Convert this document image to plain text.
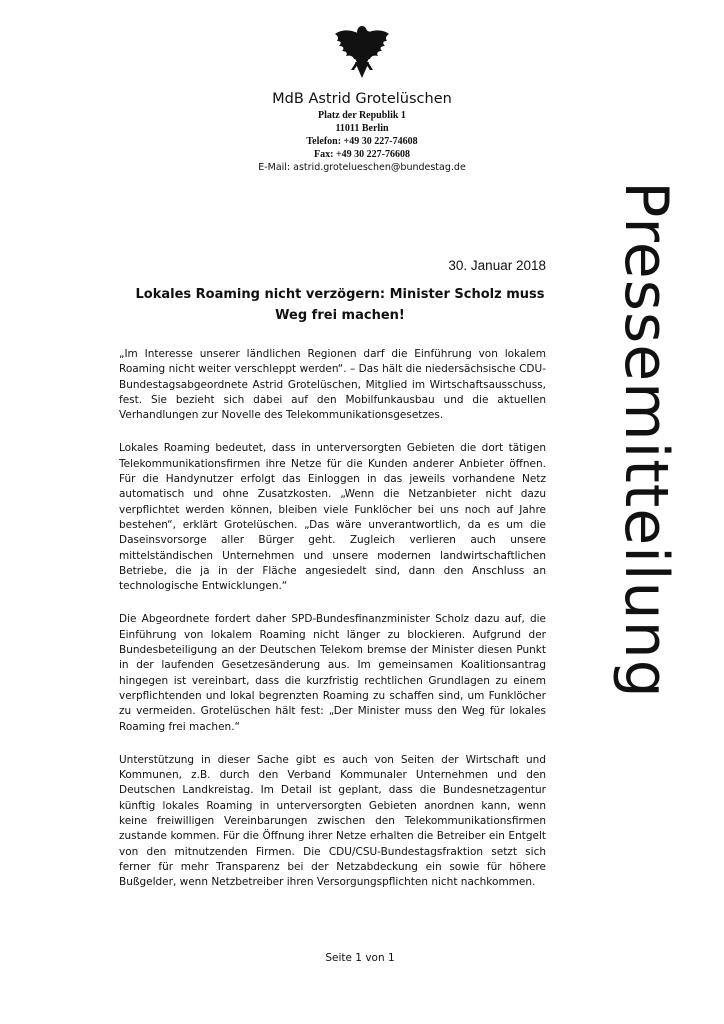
MdB Astrid Grotelüschen
Platz der Republik 1
11011 Berlin
Telefon: +49 30 227-74608
Fax: +49 30 227-76608
E-Mail: astrid.grotelueschen@bundestag.de
Pressemitteilung
30. Januar 2018
Lokales Roaming nicht verzögern: Minister Scholz muss
Weg frei machen!

„Im Interesse unserer ländlichen Regionen darf die Einführung von lokalem Roaming nicht weiter verschleppt werden“. – Das hält die niedersächsische CDU-Bundestagsabgeordnete Astrid Grotelüschen, Mitglied im Wirtschaftsausschuss, fest. Sie bezieht sich dabei auf den Mobilfunkausbau und die aktuellen Verhandlungen zur Novelle des Telekommunikationsgesetzes.

Lokales Roaming bedeutet, dass in unterversorgten Gebieten die dort tätigen Telekommunikationsfirmen ihre Netze für die Kunden anderer Anbieter öffnen. Für die Handynutzer erfolgt das Einloggen in das jeweils vorhandene Netz automatisch und ohne Zusatzkosten. „Wenn die Netzanbieter nicht dazu verpflichtet werden können, bleiben viele Funklöcher bei uns noch auf Jahre bestehen“, erklärt Grotelüschen. „Das wäre unverantwortlich, da es um die Daseinsvorsorge aller Bürger geht. Zugleich verlieren auch unsere mittelständischen Unternehmen und unsere modernen landwirtschaftlichen Betriebe, die ja in der Fläche angesiedelt sind, dann den Anschluss an technologische Entwicklungen.“

Die Abgeordnete fordert daher SPD-Bundesfinanzminister Scholz dazu auf, die Einführung von lokalem Roaming nicht länger zu blockieren. Aufgrund der Bundesbeteiligung an der Deutschen Telekom bremse der Minister diesen Punkt in der laufenden Gesetzesänderung aus. Im gemeinsamen Koalitionsantrag hingegen ist vereinbart, dass die kurzfristig rechtlichen Grundlagen zu einem verpflichtenden und lokal begrenzten Roaming zu schaffen sind, um Funklöcher zu vermeiden. Grotelüschen hält fest: „Der Minister muss den Weg für lokales Roaming frei machen.“

Unterstützung in dieser Sache gibt es auch von Seiten der Wirtschaft und Kommunen, z.B. durch den Verband Kommunaler Unternehmen und den Deutschen Landkreistag. Im Detail ist geplant, dass die Bundesnetzagentur künftig lokales Roaming in unterversorgten Gebieten anordnen kann, wenn keine freiwilligen Vereinbarungen zwischen den Telekommunikationsfirmen zustande kommen. Für die Öffnung ihrer Netze erhalten die Betreiber ein Entgelt von den mitnutzenden Firmen. Die CDU/CSU-Bundestagsfraktion setzt sich ferner für mehr Transparenz bei der Netzabdeckung ein sowie für höhere Bußgelder, wenn Netzbetreiber ihren Versorgungspflichten nicht nachkommen.

Seite 1 von 1
